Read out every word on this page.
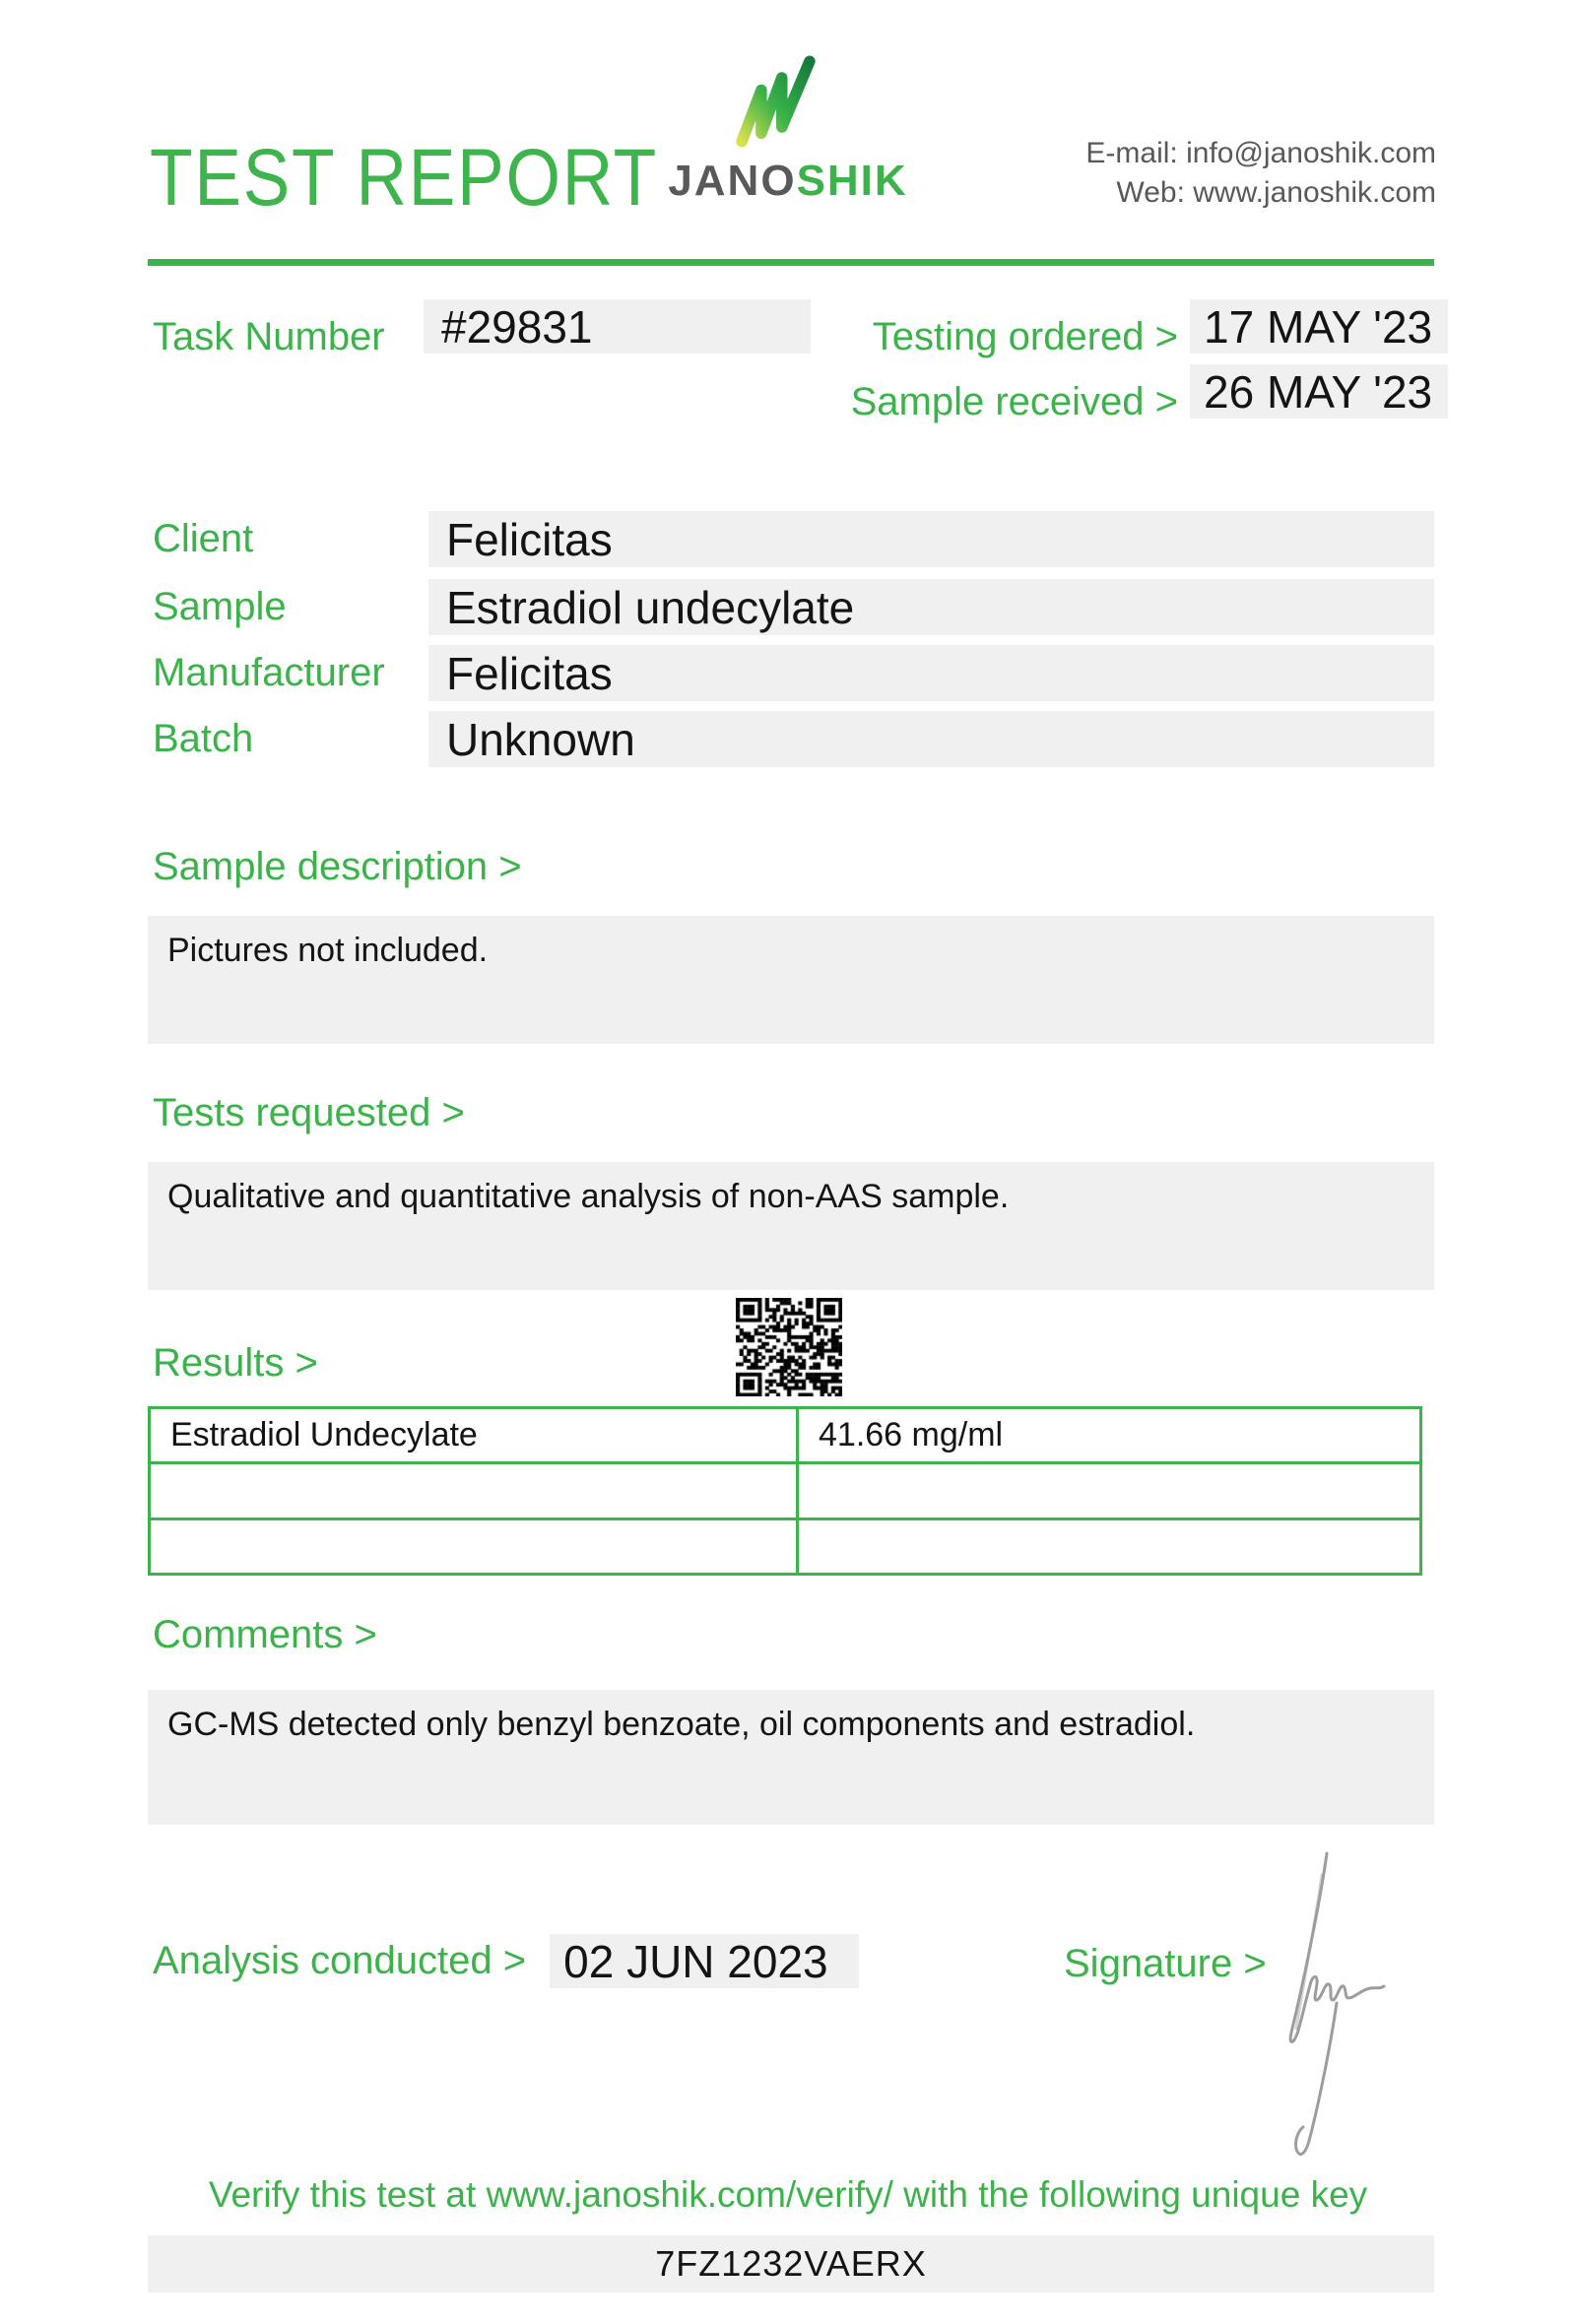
TEST REPORT JANOSHIK
E-mail: info@janoshik.com
Web: www.janoshik.com
Task Number #29831	Testing ordered > 17 MAY '23
Sample received > 26 MAY '23
Client	Felicitas
Sample	Estradiol undecylate
Manufacturer	Felicitas
Batch	Unknown
Sample description >
Pictures not included.
Tests requested >
Qualitative and quantitative analysis of non-AAS sample.
Results >
Estradiol Undecylate	41.66 mg/ml
Comments >
GC-MS detected only benzyl benzoate, oil components and estradiol.
Analysis conducted > 02 JUN 2023	Signature >
Verify this test at www.janoshik.com/verify/ with the following unique key
7FZ1232VAERX
